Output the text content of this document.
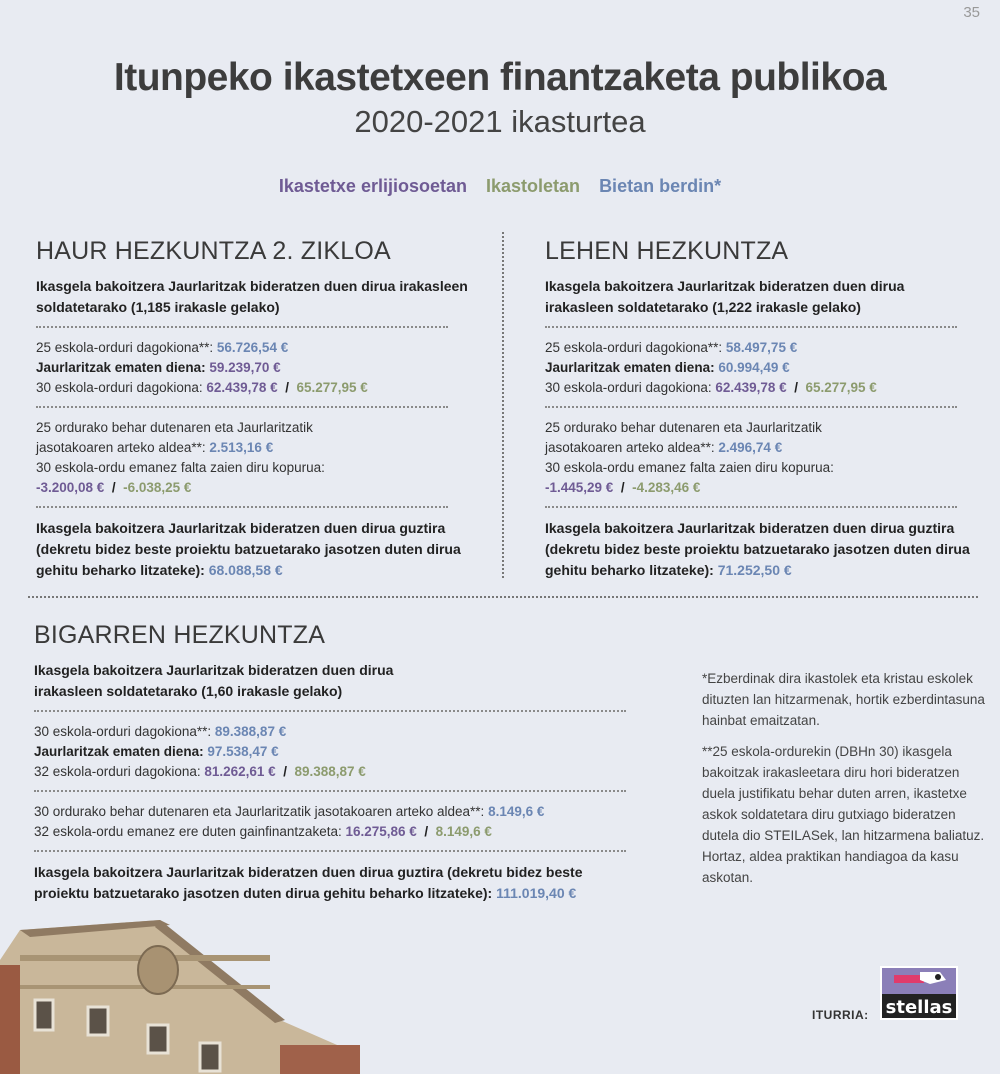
35
Itunpeko ikastetxeen finantzaketa publikoa
2020-2021 ikasturtea
Ikastetxe erlijiosoetan Ikastoletan Bietan berdin*
HAUR HEZKUNTZA 2. ZIKLOA
Ikasgela bakoitzera Jaurlaritzak bideratzen duen dirua irakasleen soldatetarako (1,185 irakasle gelako)
25 eskola-orduri dagokiona**: 56.726,54 €
Jaurlaritzak ematen diena: 59.239,70 €
30 eskola-orduri dagokiona: 62.439,78 € / 65.277,95 €
25 ordurako behar dutenaren eta Jaurlaritzatik
jasotakoaren arteko aldea**: 2.513,16 €
30 eskola-ordu emanez falta zaien diru kopurua:
-3.200,08 € / -6.038,25 €
Ikasgela bakoitzera Jaurlaritzak bideratzen duen dirua guztira (dekretu bidez beste proiektu batzuetarako jasotzen duten dirua gehitu beharko litzateke): 68.088,58 €
LEHEN HEZKUNTZA
Ikasgela bakoitzera Jaurlaritzak bideratzen duen dirua irakasleen soldatetarako (1,222 irakasle gelako)
25 eskola-orduri dagokiona**: 58.497,75 €
Jaurlaritzak ematen diena: 60.994,49 €
30 eskola-orduri dagokiona: 62.439,78 € / 65.277,95 €
25 ordurako behar dutenaren eta Jaurlaritzatik
jasotakoaren arteko aldea**: 2.496,74 €
30 eskola-ordu emanez falta zaien diru kopurua:
-1.445,29 € / -4.283,46 €
Ikasgela bakoitzera Jaurlaritzak bideratzen duen dirua guztira (dekretu bidez beste proiektu batzuetarako jasotzen duten dirua gehitu beharko litzateke): 71.252,50 €
BIGARREN HEZKUNTZA
Ikasgela bakoitzera Jaurlaritzak bideratzen duen dirua irakasleen soldatetarako (1,60 irakasle gelako)
30 eskola-orduri dagokiona**: 89.388,87 €
Jaurlaritzak ematen diena: 97.538,47 €
32 eskola-orduri dagokiona: 81.262,61 € / 89.388,87 €
30 ordurako behar dutenaren eta Jaurlaritzatik jasotakoaren arteko aldea**: 8.149,6 €
32 eskola-ordu emanez ere duten gainfinantzaketa: 16.275,86 € / 8.149,6 €
Ikasgela bakoitzera Jaurlaritzak bideratzen duen dirua guztira (dekretu bidez beste proiektu batzuetarako jasotzen duten dirua gehitu beharko litzateke): 111.019,40 €

*Ezberdinak dira ikastolek eta kristau eskolek dituzten lan hitzarmenak, hortik ezberdintasuna hainbat emaitzatan.

**25 eskola-ordurekin (DBHn 30) ikasgela bakoitzak irakasleetara diru hori bideratzen duela justifikatu behar duten arren, ikastetxe askok soldatetara diru gutxiago bideratzen dutela dio STEILASek, lan hitzarmena baliatuz. Hortaz, aldea praktikan handiagoa da kasu askotan.

ITURRIA: stellas
